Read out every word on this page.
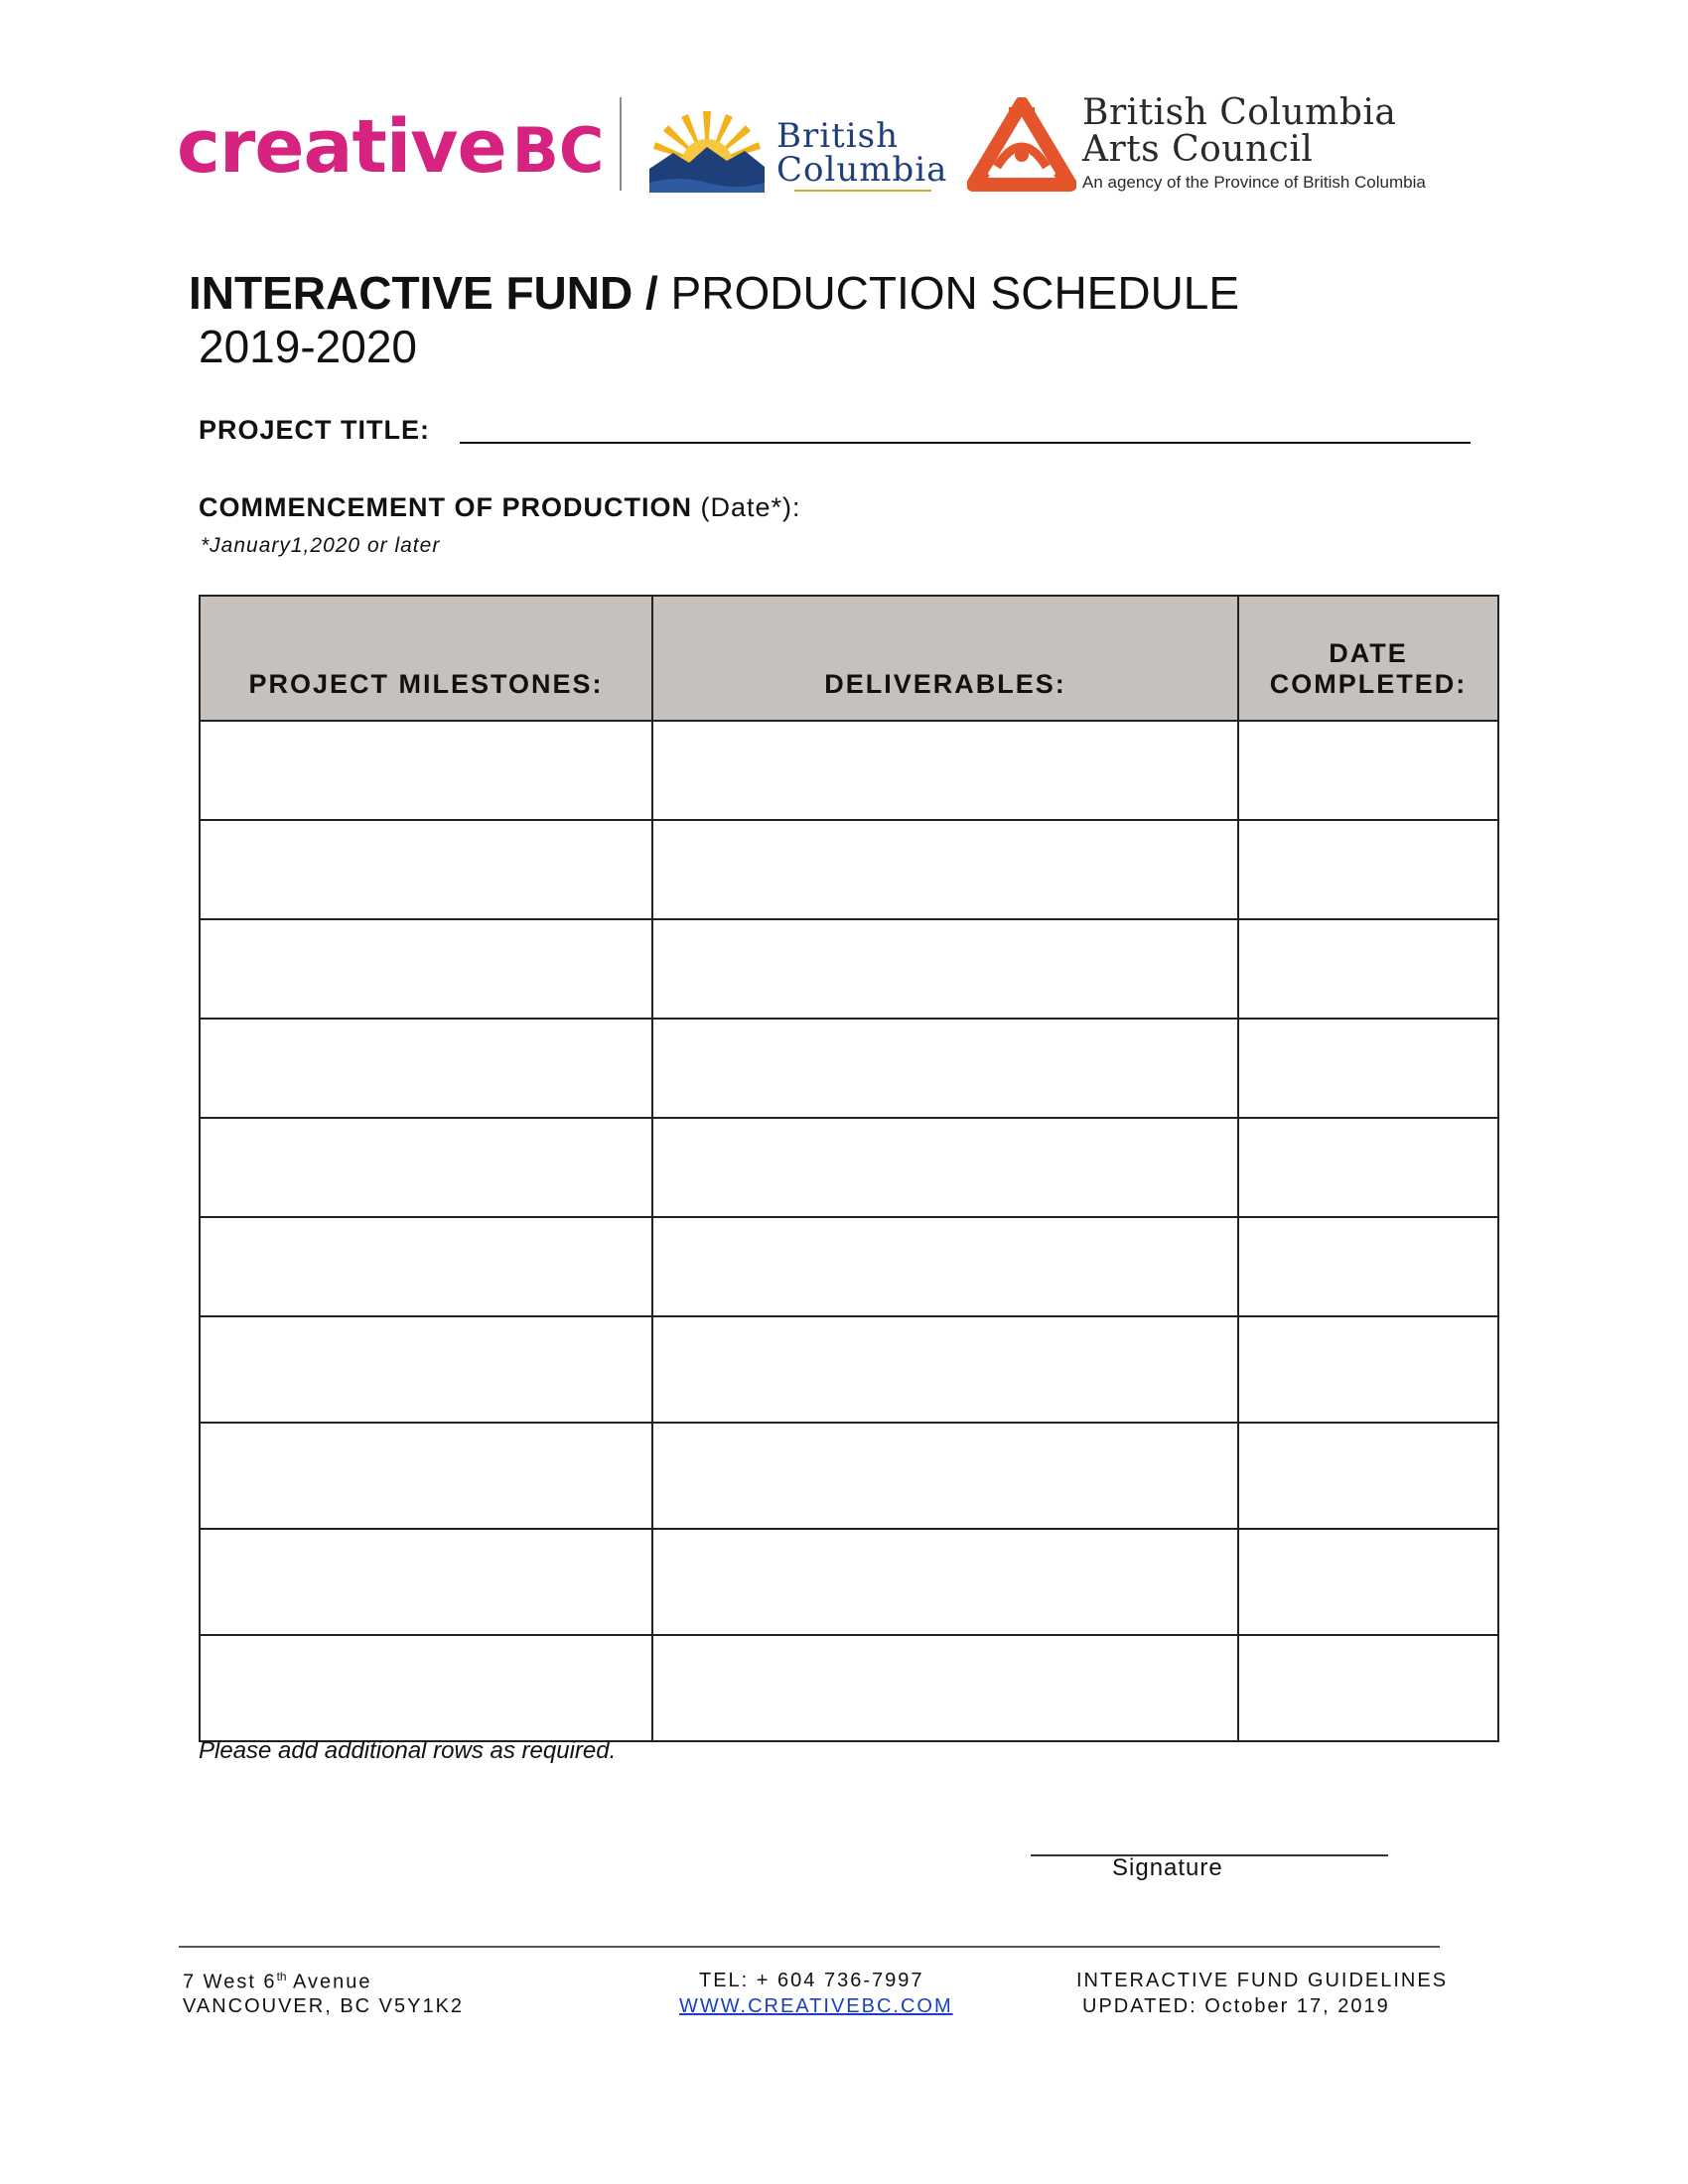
creativeBC	British
Columbia
British Columbia
Arts Council
An agency of the Province of British Columbia
INTERACTIVE FUND / PRODUCTION SCHEDULE
2019-2020
PROJECT TITLE:
COMMENCEMENT OF PRODUCTION (Date*):
*January1,2020 or later
PROJECT MILESTONES:	DELIVERABLES:	DATE
COMPLETED:

Please add additional rows as required.
Signature
7 West 6th Avenue
VANCOUVER, BC V5Y1K2
TEL: + 604 736-7997
WWW.CREATIVEBC.COM
INTERACTIVE FUND GUIDELINES
UPDATED: October 17, 2019
